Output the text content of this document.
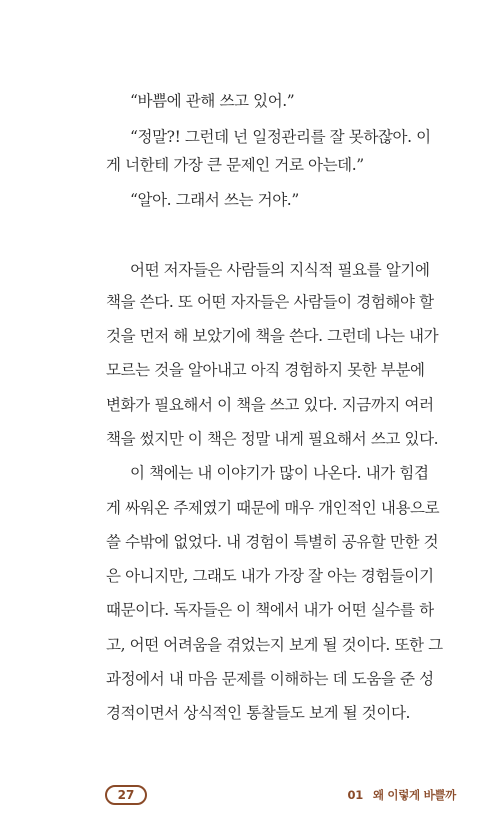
“바쁨에 관해 쓰고 있어.”
“정말?! 그런데 넌 일정관리를 잘 못하잖아. 이
게 너한테 가장 큰 문제인 거로 아는데.”
“알아. 그래서 쓰는 거야.”
어떤 저자들은 사람들의 지식적 필요를 알기에
책을 쓴다. 또 어떤 자자들은 사람들이 경험해야 할
것을 먼저 해 보았기에 책을 쓴다. 그런데 나는 내가
모르는 것을 알아내고 아직 경험하지 못한 부분에
변화가 필요해서 이 책을 쓰고 있다. 지금까지 여러
책을 썼지만 이 책은 정말 내게 필요해서 쓰고 있다.
이 책에는 내 이야기가 많이 나온다. 내가 힘겹
게 싸워온 주제였기 때문에 매우 개인적인 내용으로
쓸 수밖에 없었다. 내 경험이 특별히 공유할 만한 것
은 아니지만, 그래도 내가 가장 잘 아는 경험들이기
때문이다. 독자들은 이 책에서 내가 어떤 실수를 하
고, 어떤 어려움을 겪었는지 보게 될 것이다. 또한 그
과정에서 내 마음 문제를 이해하는 데 도움을 준 성
경적이면서 상식적인 통찰들도 보게 될 것이다.
27	01 왜 이렇게 바쁠까
